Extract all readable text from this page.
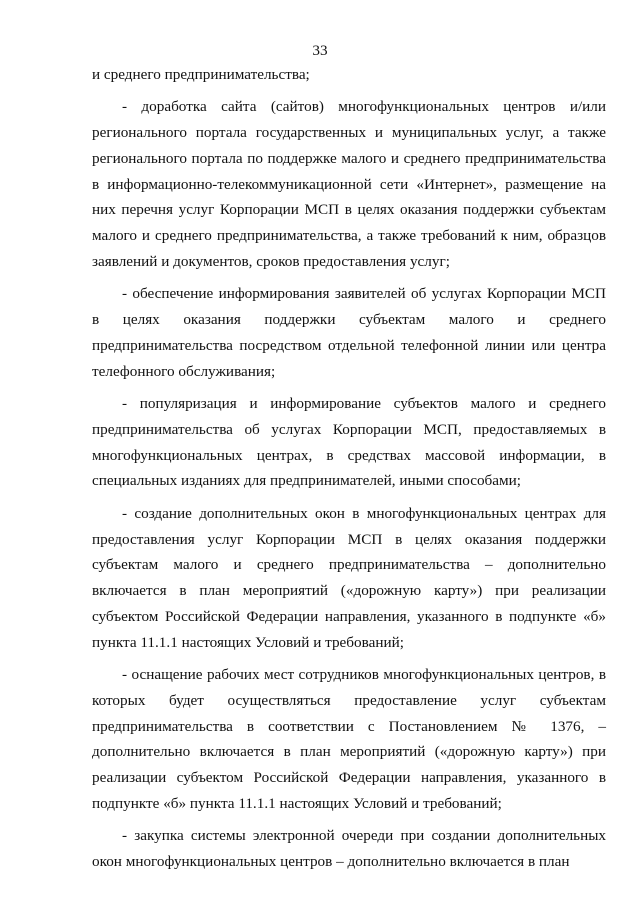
33

и среднего предпринимательства;

- доработка сайта (сайтов) многофункциональных центров и/или регионального портала государственных и муниципальных услуг, а также регионального портала по поддержке малого и среднего предпринимательства в информационно-телекоммуникационной сети «Интернет», размещение на них перечня услуг Корпорации МСП в целях оказания поддержки субъектам малого и среднего предпринимательства, а также требований к ним, образцов заявлений и документов, сроков предоставления услуг;

- обеспечение информирования заявителей об услугах Корпорации МСП в целях оказания поддержки субъектам малого и среднего предпринимательства посредством отдельной телефонной линии или центра телефонного обслуживания;

- популяризация и информирование субъектов малого и среднего предпринимательства об услугах Корпорации МСП, предоставляемых в многофункциональных центрах, в средствах массовой информации, в специальных изданиях для предпринимателей, иными способами;

- создание дополнительных окон в многофункциональных центрах для предоставления услуг Корпорации МСП в целях оказания поддержки субъектам малого и среднего предпринимательства – дополнительно включается в план мероприятий («дорожную карту») при реализации субъектом Российской Федерации направления, указанного в подпункте «б» пункта 11.1.1 настоящих Условий и требований;

- оснащение рабочих мест сотрудников многофункциональных центров, в которых будет осуществляться предоставление услуг субъектам предпринимательства в соответствии с Постановлением № 1376, – дополнительно включается в план мероприятий («дорожную карту») при реализации субъектом Российской Федерации направления, указанного в подпункте «б» пункта 11.1.1 настоящих Условий и требований;

- закупка системы электронной очереди при создании дополнительных окон многофункциональных центров – дополнительно включается в план
